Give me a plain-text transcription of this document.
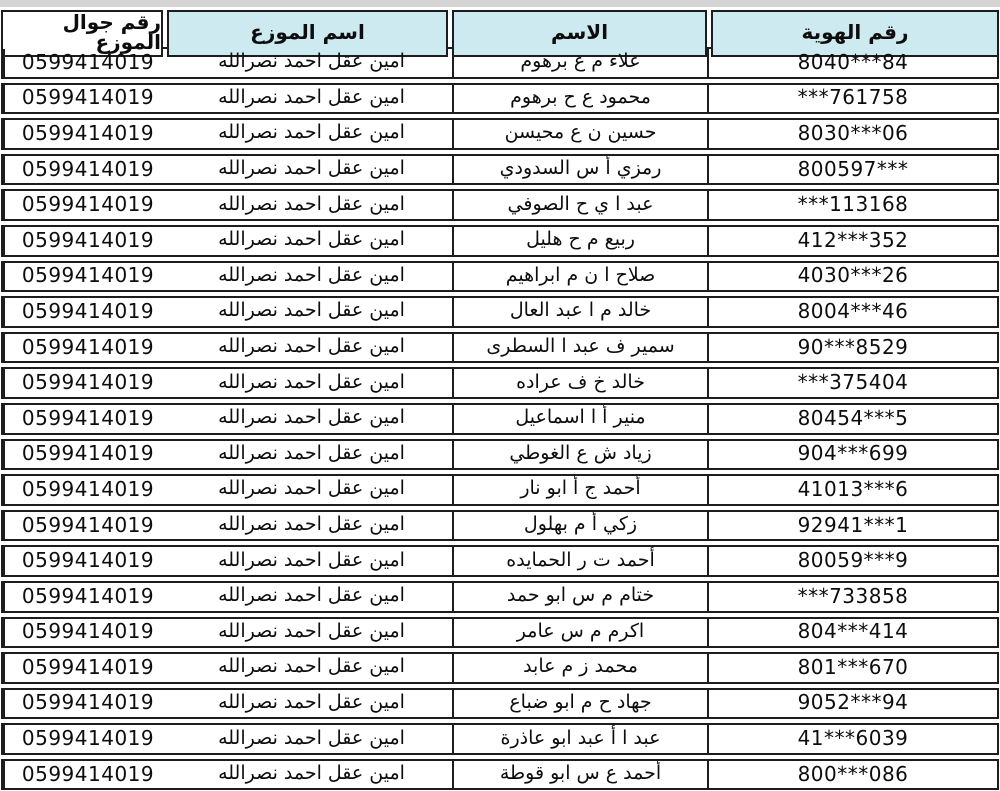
رقم الهوية
الاسم
اسم الموزع
رقم جوال الموزع
8040***84
علاء م ع برهوم
امين عقل احمد نصرالله
0599414019
***761758
محمود ع ح برهوم
امين عقل احمد نصرالله
0599414019
8030***06
حسين ن ع محيسن
امين عقل احمد نصرالله
0599414019
800597***
رمزي أ س السدودي
امين عقل احمد نصرالله
0599414019
***113168
عبد ا ي ح الصوفي
امين عقل احمد نصرالله
0599414019
412***352
ربيع م ح هليل
امين عقل احمد نصرالله
0599414019
4030***26
صلاح ا ن م ابراهيم
امين عقل احمد نصرالله
0599414019
8004***46
خالد م ا عبد العال
امين عقل احمد نصرالله
0599414019
90***8529
سمير ف عبد ا السطرى
امين عقل احمد نصرالله
0599414019
***375404
خالد خ ف عراده
امين عقل احمد نصرالله
0599414019
80454***5
منير أ ا اسماعيل
امين عقل احمد نصرالله
0599414019
904***699
زياد ش ع الغوطي
امين عقل احمد نصرالله
0599414019
41013***6
أحمد ج أ ابو نار
امين عقل احمد نصرالله
0599414019
92941***1
زكي أ م بهلول
امين عقل احمد نصرالله
0599414019
80059***9
أحمد ت ر الحمايده
امين عقل احمد نصرالله
0599414019
***733858
ختام م س ابو حمد
امين عقل احمد نصرالله
0599414019
804***414
اكرم م س عامر
امين عقل احمد نصرالله
0599414019
801***670
محمد ز م عابد
امين عقل احمد نصرالله
0599414019
9052***94
جهاد ح م ابو ضباع
امين عقل احمد نصرالله
0599414019
41***6039
عبد ا أ عبد ابو عاذرة
امين عقل احمد نصرالله
0599414019
800***086
أحمد ع س ابو قوطة
امين عقل احمد نصرالله
0599414019
